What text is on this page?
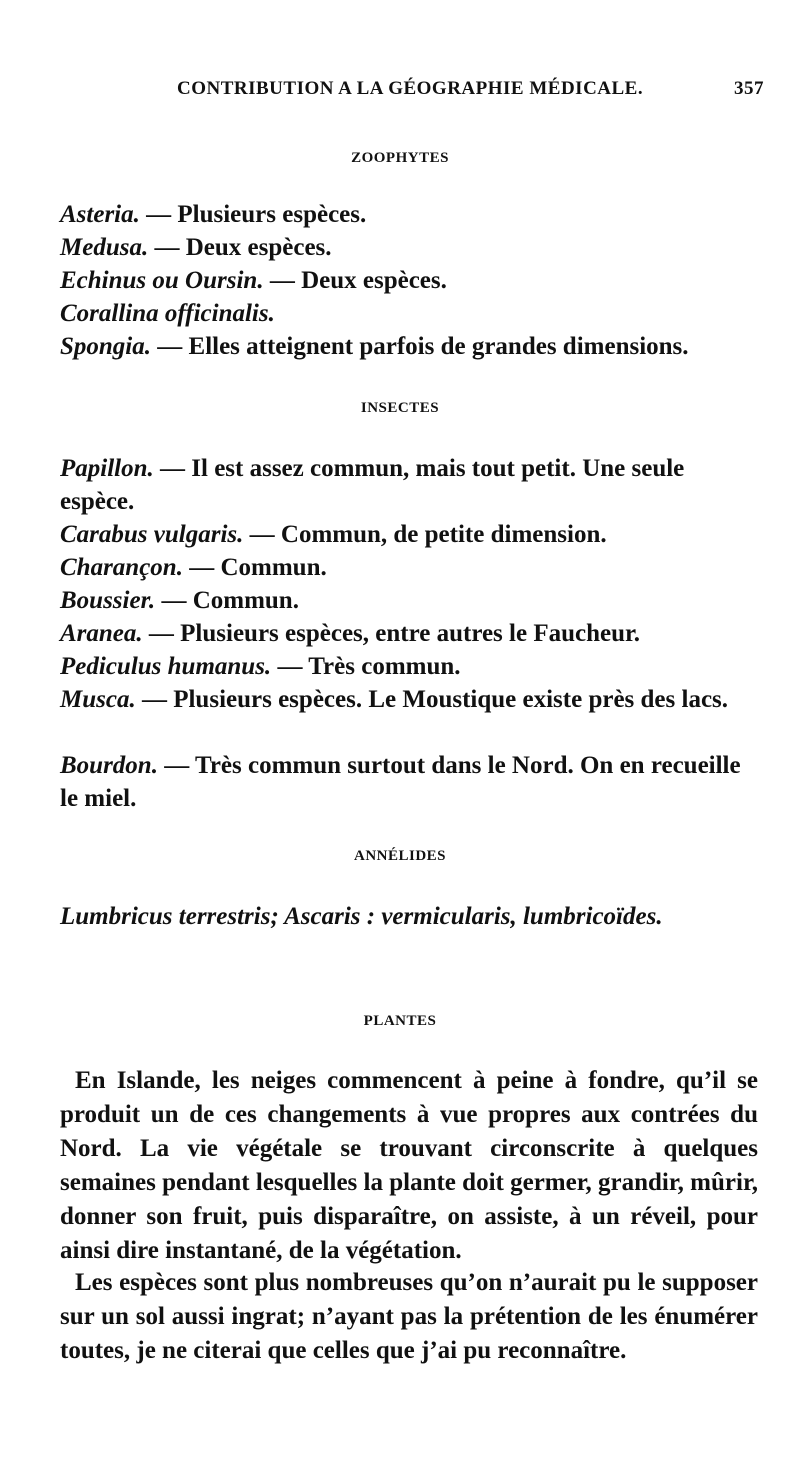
CONTRIBUTION A LA GÉOGRAPHIE MÉDICALE.	357
ZOOPHYTES
Asteria. — Plusieurs espèces.
Medusa. — Deux espèces.
Echinus ou Oursin. — Deux espèces.
Corallina officinalis.
Spongia. — Elles atteignent parfois de grandes dimensions.
INSECTES
Papillon. — Il est assez commun, mais tout petit. Une seule espèce.
Carabus vulgaris. — Commun, de petite dimension.
Charançon. — Commun.
Boussier. — Commun.
Aranea. — Plusieurs espèces, entre autres le Faucheur.
Pediculus humanus. — Très commun.
Musca. — Plusieurs espèces. Le Moustique existe près des lacs.
Bourdon. — Très commun surtout dans le Nord. On en recueille le miel.
ANNÉLIDES
Lumbricus terrestris; Ascaris : vermicularis, lumbricoïdes.
PLANTES
En Islande, les neiges commencent à peine à fondre, qu’il se produit un de ces changements à vue propres aux contrées du Nord. La vie végétale se trouvant circonscrite à quelques semaines pendant lesquelles la plante doit germer, grandir, mûrir, donner son fruit, puis disparaître, on assiste, à un réveil, pour ainsi dire instantané, de la végétation.
Les espèces sont plus nombreuses qu’on n’aurait pu le supposer sur un sol aussi ingrat; n’ayant pas la prétention de les énumérer toutes, je ne citerai que celles que j’ai pu reconnaître.
